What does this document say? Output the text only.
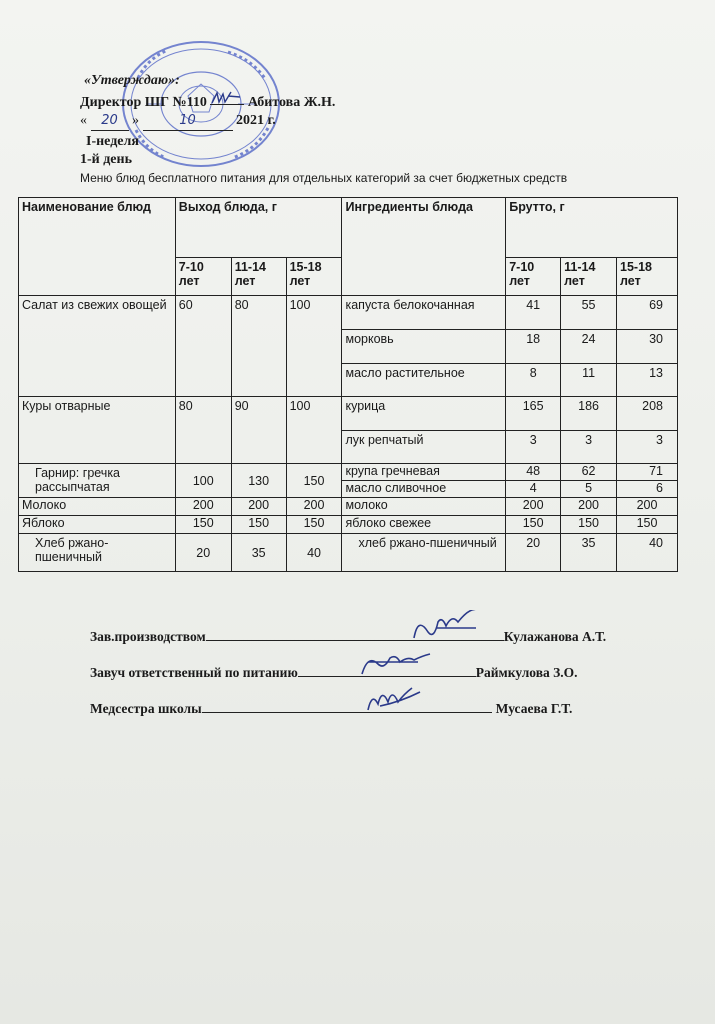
«Утверждаю»:
Директор ШГ №110	Абитова Ж.Н.
« 20 »	10	2021 г.
I-неделя
1-й день
Меню блюд бесплатного питания для отдельных категорий за счет бюджетных средств
Наименование блюд	Выход блюда, г			Ингредиенты блюда	Брутто, г		
	7-10 лет	11-14 лет	15-18 лет		7-10 лет	11-14 лет	15-18 лет
Салат из свежих овощей	60	80	100	капуста белокочанная	41	55	69
				морковь	18	24	30
				масло растительное	8	11	13
Куры отварные	80	90	100	курица	165	186	208
				лук репчатый	3	3	3
Гарнир: гречка рассыпчатая	100	130	150	крупа гречневая	48	62	71
				масло сливочное	4	5	6
Молоко	200	200	200	молоко	200	200	200
Яблоко	150	150	150	яблоко свежее	150	150	150
Хлеб ржано-пшеничный	20	35	40	хлеб ржано-пшеничный	20	35	40
Зав.производством	Кулажанова А.Т.
Завуч ответственный по питанию	Раймкулова З.О.
Медсестра школы	Мусаева Г.Т.
